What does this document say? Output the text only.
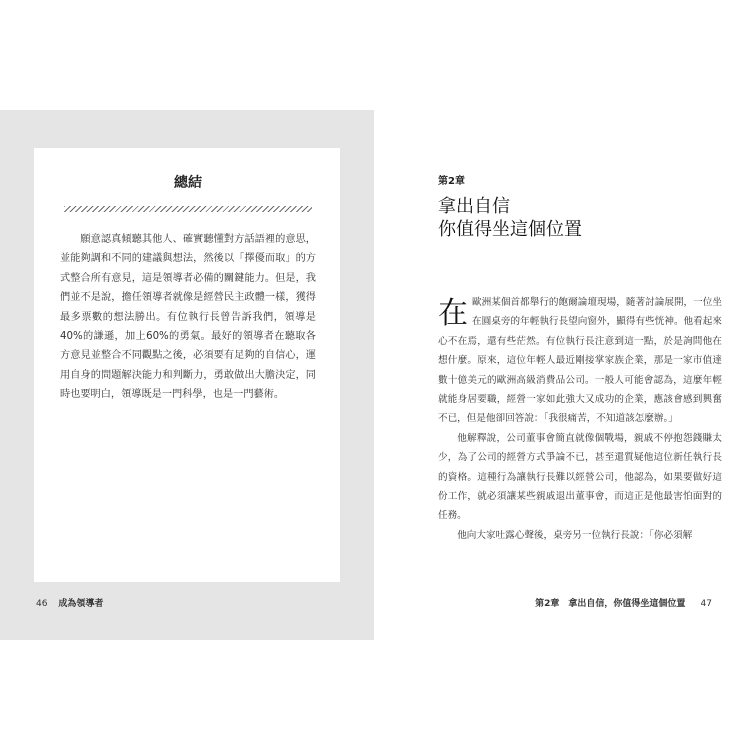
總結

願意認真傾聽其他人、確實聽懂對方話語裡的意思，並能夠調和不同的建議與想法，然後以「擇優而取」的方式整合所有意見，這是領導者必備的關鍵能力。但是，我們並不是說，擔任領導者就像是經營民主政體一樣，獲得最多票數的想法勝出。有位執行長曾告訴我們，領導是40%的謙遜，加上60%的勇氣。最好的領導者在聽取各方意見並整合不同觀點之後，必須要有足夠的自信心，運用自身的問題解決能力和判斷力，勇敢做出大膽決定，同時也要明白，領導既是一門科學，也是一門藝術。

46 成為領導者
第2章
拿出自信
你值得坐這個位置

在 歐洲某個首都舉行的飽爾論壇現場，隨著討論展開，一位坐在圓桌旁的年輕執行長望向窗外，顯得有些恍神。他看起來心不在焉，還有些茫然。有位執行長注意到這一點，於是詢問他在想什麼。原來，這位年輕人最近剛接掌家族企業，那是一家市值達數十億美元的歐洲高級消費品公司。一般人可能會認為，這麼年輕就能身居要職，經營一家如此強大又成功的企業，應該會感到興奮不已，但是他卻回答說：「我很痛苦，不知道該怎麼辦。」

他解釋說，公司董事會簡直就像個戰場，親戚不停抱怨錢賺太少，為了公司的經營方式爭論不已，甚至還質疑他這位新任執行長的資格。這種行為讓執行長難以經營公司，他認為，如果要做好這份工作，就必須讓某些親戚退出董事會，而這正是他最害怕面對的任務。

他向大家吐露心聲後，桌旁另一位執行長說：「你必須解

第2章　拿出自信，你值得坐這個位置 47
